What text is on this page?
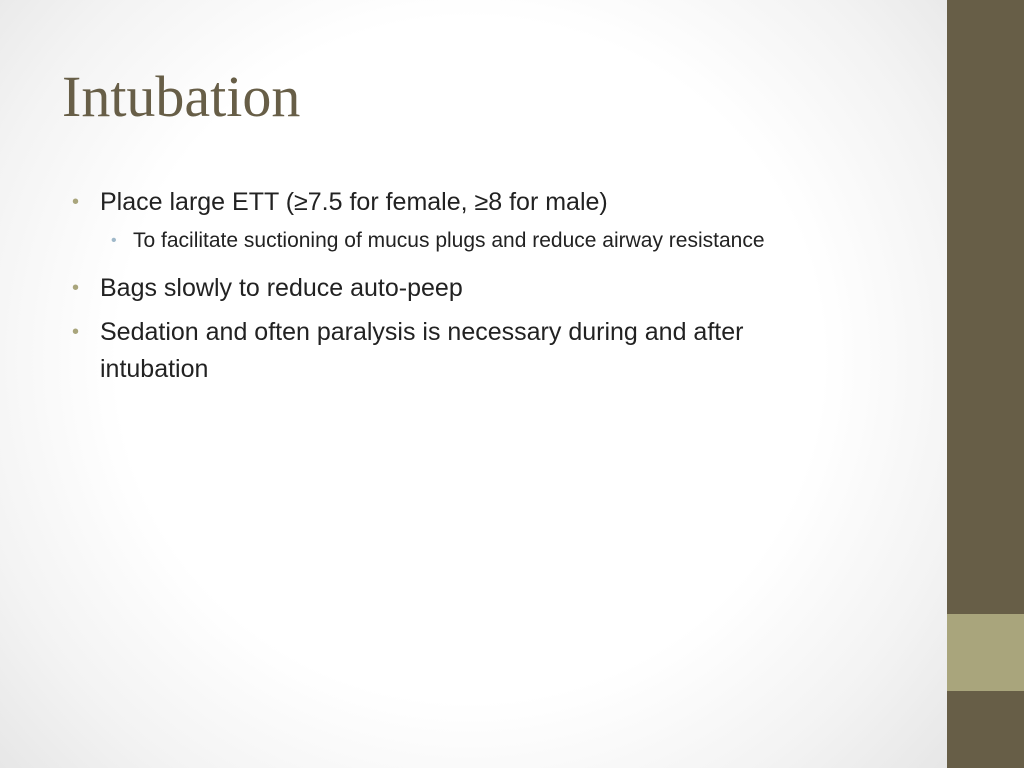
Intubation
• Place large ETT (≥7.5 for female, ≥8 for male)
• To facilitate suctioning of mucus plugs and reduce airway resistance
• Bags slowly to reduce auto-peep
• Sedation and often paralysis is necessary during and after intubation
